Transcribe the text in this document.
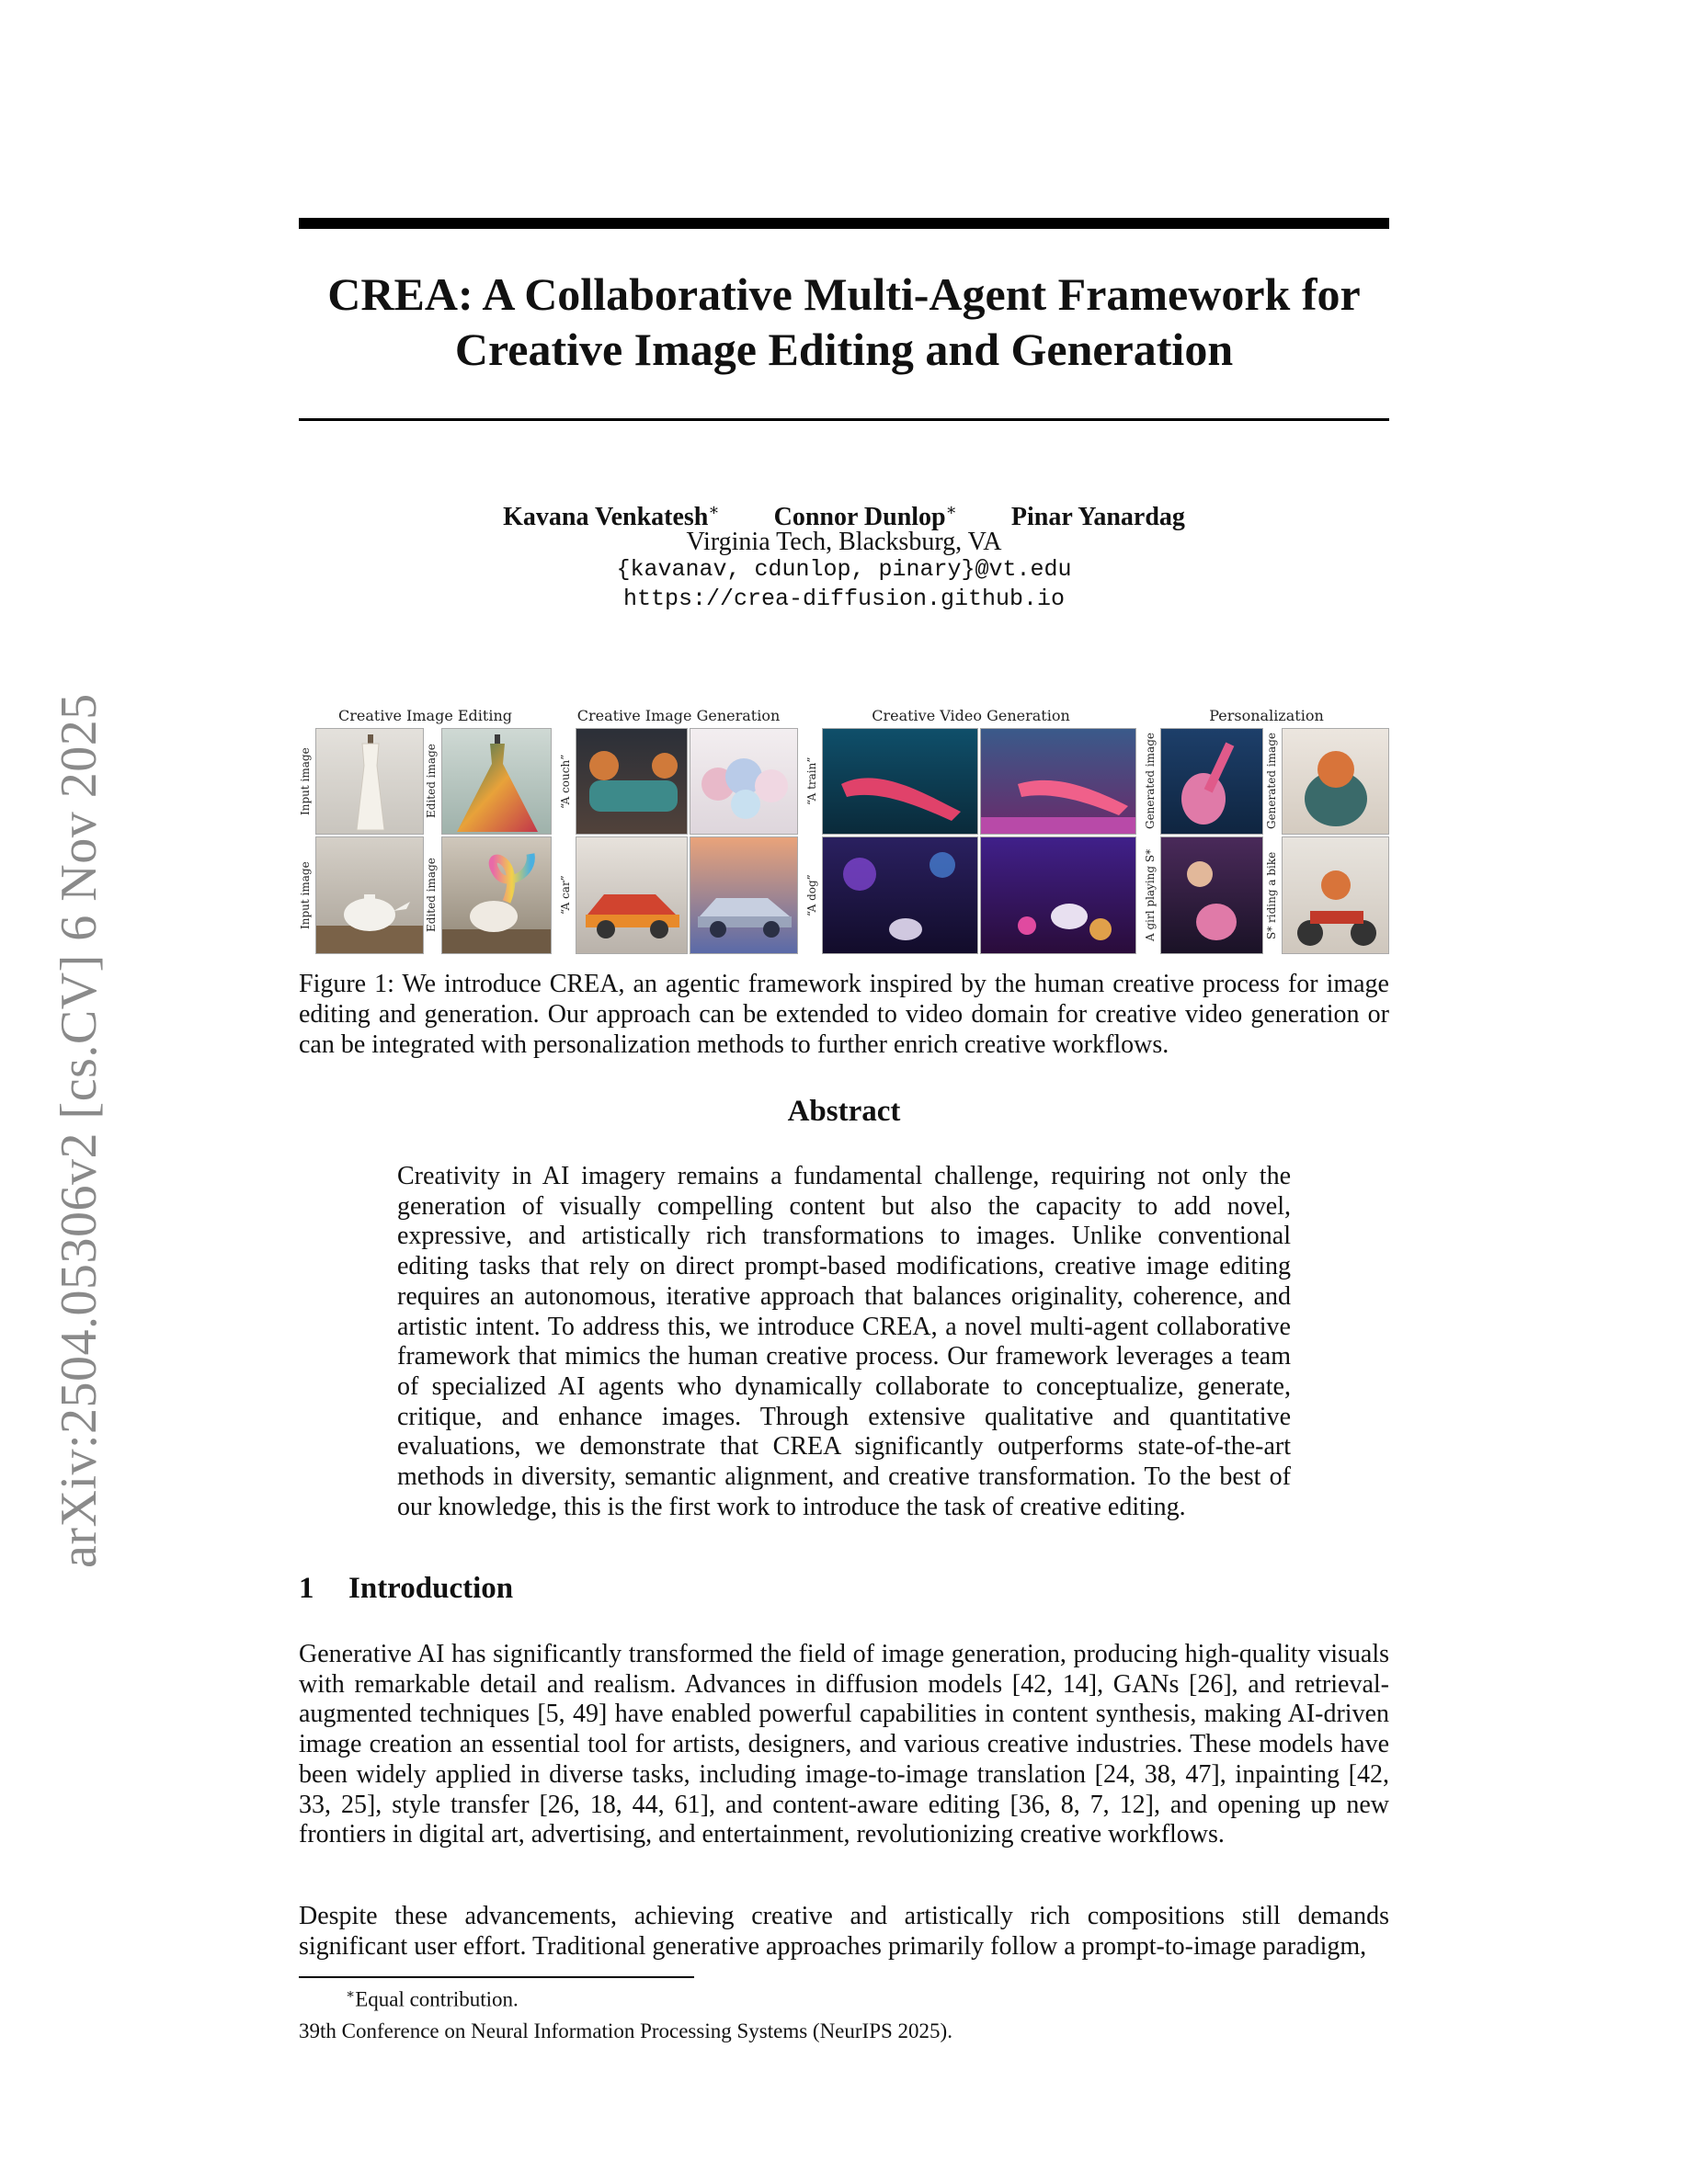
arXiv:2504.05306v2 [cs.CV] 6 Nov 2025
CREA: A Collaborative Multi-Agent Framework for
Creative Image Editing and Generation
Kavana Venkatesh∗ Connor Dunlop∗ Pinar Yanardag
Virginia Tech, Blacksburg, VA
{kavanav, cdunlop, pinary}@vt.edu
https://crea-diffusion.github.io
Creative Image Editing
Input image	Edited image
Input image	Edited image
Creative Image Generation
“A couch”
“A car”
Creative Video Generation
“A train”
“A dog”
Personalization
Generated image	Generated image
A girl playing S*	S* riding a bike

Figure 1: We introduce CREA, an agentic framework inspired by the human creative process for image editing and generation. Our approach can be extended to video domain for creative video generation or can be integrated with personalization methods to further enrich creative workflows.

Abstract

Creativity in AI imagery remains a fundamental challenge, requiring not only the generation of visually compelling content but also the capacity to add novel, expressive, and artistically rich transformations to images. Unlike conventional editing tasks that rely on direct prompt-based modifications, creative image editing requires an autonomous, iterative approach that balances originality, coherence, and artistic intent. To address this, we introduce CREA, a novel multi-agent collaborative framework that mimics the human creative process. Our framework leverages a team of specialized AI agents who dynamically collaborate to conceptualize, generate, critique, and enhance images. Through extensive qualitative and quantitative evaluations, we demonstrate that CREA significantly outperforms state-of-the-art methods in diversity, semantic alignment, and creative transformation. To the best of our knowledge, this is the first work to introduce the task of creative editing.

1 Introduction

Generative AI has significantly transformed the field of image generation, producing high-quality visuals with remarkable detail and realism. Advances in diffusion models [42, 14], GANs [26], and retrieval-augmented techniques [5, 49] have enabled powerful capabilities in content synthesis, making AI-driven image creation an essential tool for artists, designers, and various creative industries. These models have been widely applied in diverse tasks, including image-to-image translation [24, 38, 47], inpainting [42, 33, 25], style transfer [26, 18, 44, 61], and content-aware editing [36, 8, 7, 12], and opening up new frontiers in digital art, advertising, and entertainment, revolutionizing creative workflows.

Despite these advancements, achieving creative and artistically rich compositions still demands significant user effort. Traditional generative approaches primarily follow a prompt-to-image paradigm,

∗Equal contribution.
39th Conference on Neural Information Processing Systems (NeurIPS 2025).
